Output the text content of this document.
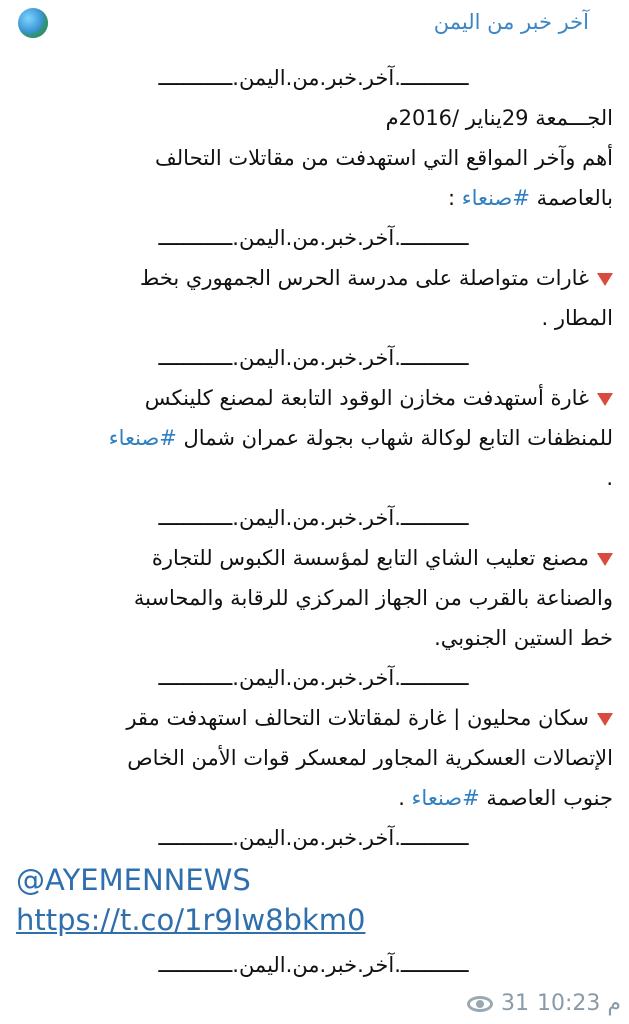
آخر خبر من اليمن
ـــــــــــ.آخر.خبر.من.اليمن.ــــــــــــ
الجـــمعة 29يناير /2016م
أهم وآخر المواقع التي استهدفت من مقاتلات التحالف
بالعاصمة #صنعاء :
ـــــــــــ.آخر.خبر.من.اليمن.ــــــــــــ
غارات متواصلة على مدرسة الحرس الجمهوري بخط
المطار .
ـــــــــــ.آخر.خبر.من.اليمن.ــــــــــــ
غارة أستهدفت مخازن الوقود التابعة لمصنع كلينكس
للمنظفات التابع لوكالة شهاب بجولة عمران شمال #صنعاء
.
ـــــــــــ.آخر.خبر.من.اليمن.ــــــــــــ
مصنع تعليب الشاي التابع لمؤسسة الكبوس للتجارة
والصناعة بالقرب من الجهاز المركزي للرقابة والمحاسبة
خط الستين الجنوبي.
ـــــــــــ.آخر.خبر.من.اليمن.ــــــــــــ
سكان محليون | غارة لمقاتلات التحالف استهدفت مقر
الإتصالات العسكرية المجاور لمعسكر قوات الأمن الخاص
جنوب العاصمة #صنعاء .
ـــــــــــ.آخر.خبر.من.اليمن.ــــــــــــ
@AYEMENNEWS
https://t.co/1r9Iw8bkm0
ـــــــــــ.آخر.خبر.من.اليمن.ــــــــــــ
31 10:23 م
